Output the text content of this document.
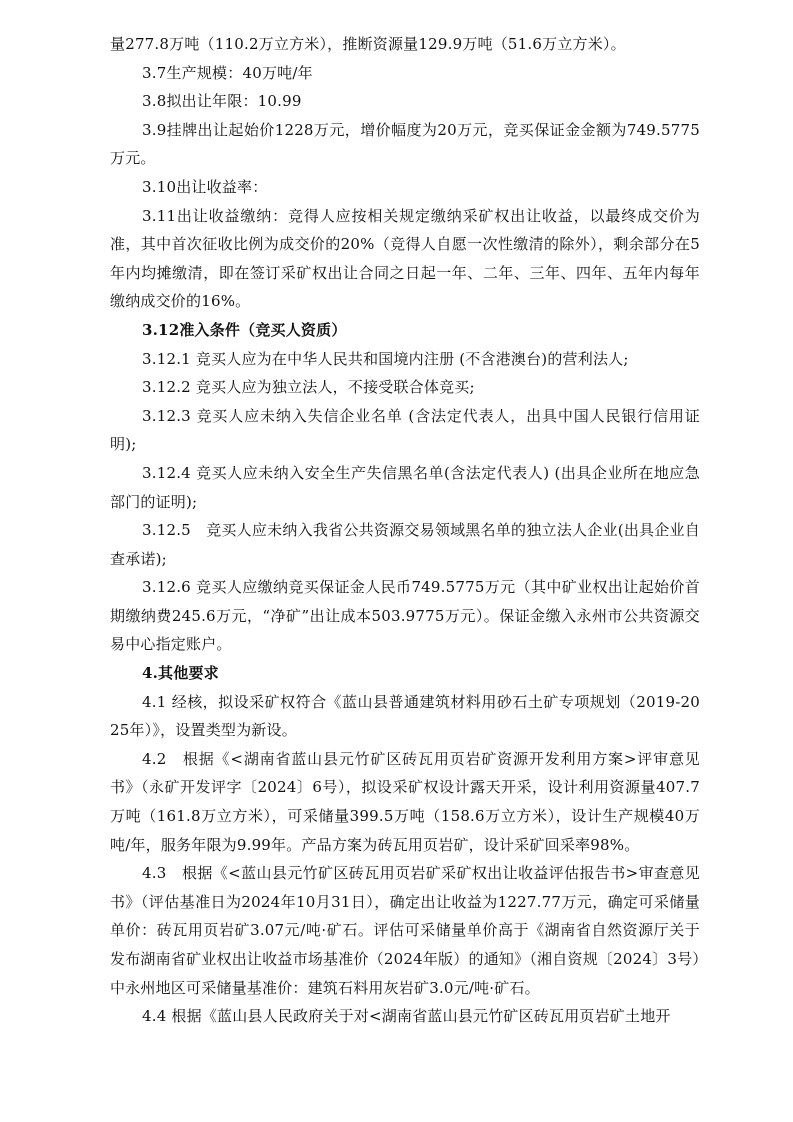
量277.8万吨（110.2万立方米），推断资源量129.9万吨（51.6万立方米）。

3.7生产规模：40万吨/年

3.8拟出让年限：10.99

3.9挂牌出让起始价1228万元，增价幅度为20万元，竞买保证金金额为749.5775万元。

3.10出让收益率：

3.11出让收益缴纳：竞得人应按相关规定缴纳采矿权出让收益，以最终成交价为准，其中首次征收比例为成交价的20%（竞得人自愿一次性缴清的除外），剩余部分在5年内均摊缴清，即在签订采矿权出让合同之日起一年、二年、三年、四年、五年内每年缴纳成交价的16%。

3.12准入条件（竞买人资质）

3.12.1 竞买人应为在中华人民共和国境内注册 (不含港澳台)的营利法人;

3.12.2 竞买人应为独立法人，不接受联合体竞买;

3.12.3 竞买人应未纳入失信企业名单 (含法定代表人，出具中国人民银行信用证明);

3.12.4 竞买人应未纳入安全生产失信黑名单(含法定代表人) (出具企业所在地应急部门的证明);

3.12.5　竞买人应未纳入我省公共资源交易领域黑名单的独立法人企业(出具企业自查承诺);

3.12.6 竞买人应缴纳竞买保证金人民币749.5775万元（其中矿业权出让起始价首期缴纳费245.6万元，“净矿”出让成本503.9775万元）。保证金缴入永州市公共资源交易中心指定账户。

4.其他要求

4.1 经核，拟设采矿权符合《蓝山县普通建筑材料用砂石土矿专项规划（2019-2025年）》，设置类型为新设。

4.2　根据《<湖南省蓝山县元竹矿区砖瓦用页岩矿资源开发利用方案>评审意见书》（永矿开发评字〔2024〕6号），拟设采矿权设计露天开采，设计利用资源量407.7万吨（161.8万立方米），可采储量399.5万吨（158.6万立方米），设计生产规模40万吨/年，服务年限为9.99年。产品方案为砖瓦用页岩矿，设计采矿回采率98%。

4.3　根据《<蓝山县元竹矿区砖瓦用页岩矿采矿权出让收益评估报告书>审查意见书》（评估基准日为2024年10月31日），确定出让收益为1227.77万元，确定可采储量单价：砖瓦用页岩矿3.07元/吨·矿石。评估可采储量单价高于《湖南省自然资源厅关于发布湖南省矿业权出让收益市场基准价（2024年版）的通知》（湘自资规〔2024〕3号）中永州地区可采储量基准价：建筑石料用灰岩矿3.0元/吨·矿石。

4.4 根据《蓝山县人民政府关于对<湖南省蓝山县元竹矿区砖瓦用页岩矿土地开
